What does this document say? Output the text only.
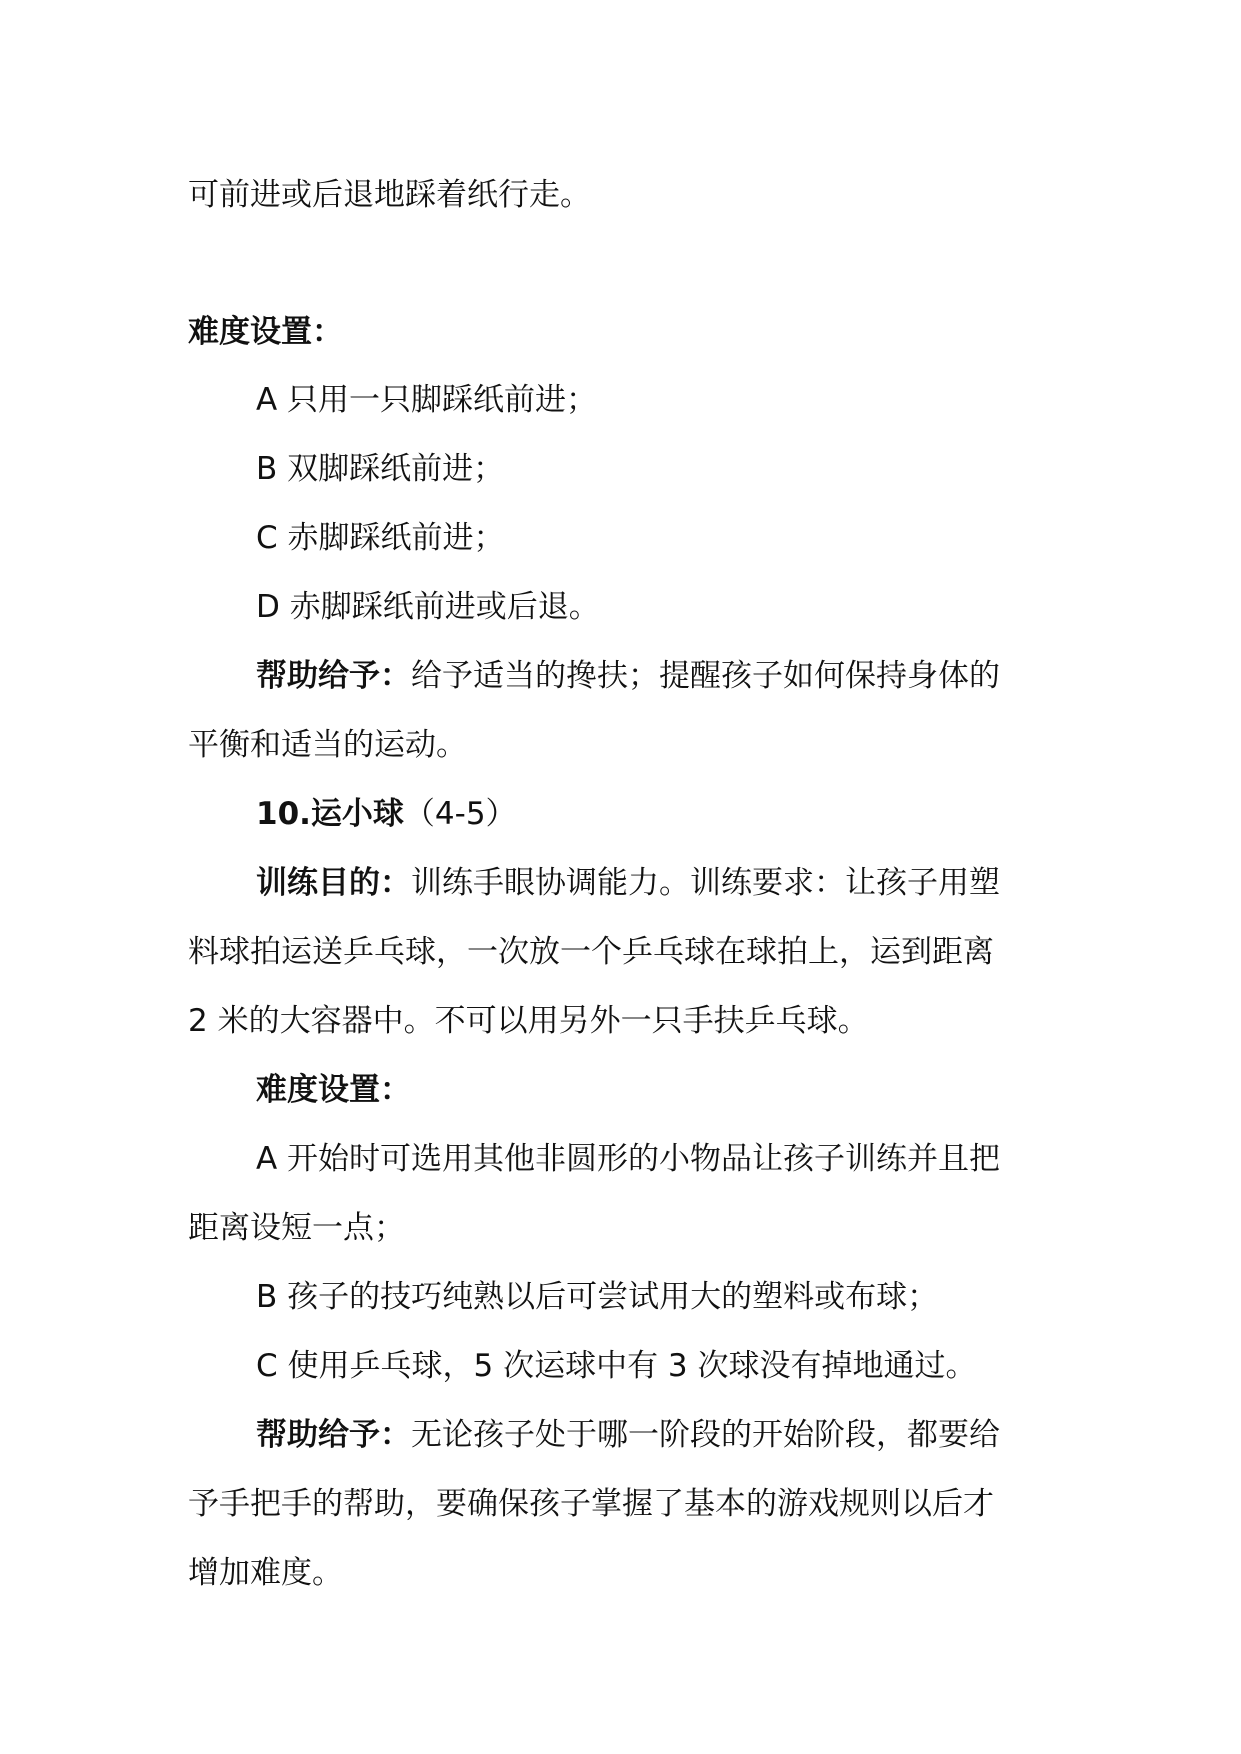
可前进或后退地踩着纸行走。
难度设置：
A 只用一只脚踩纸前进；
B 双脚踩纸前进；
C 赤脚踩纸前进；
D 赤脚踩纸前进或后退。
帮助给予：给予适当的搀扶；提醒孩子如何保持身体的
平衡和适当的运动。
10.运小球（4-5）
训练目的：训练手眼协调能力。训练要求：让孩子用塑
料球拍运送乒乓球，一次放一个乒乓球在球拍上，运到距离
2 米的大容器中。不可以用另外一只手扶乒乓球。
难度设置：
A 开始时可选用其他非圆形的小物品让孩子训练并且把
距离设短一点；
B 孩子的技巧纯熟以后可尝试用大的塑料或布球；
C 使用乒乓球，5 次运球中有 3 次球没有掉地通过。
帮助给予：无论孩子处于哪一阶段的开始阶段，都要给
予手把手的帮助，要确保孩子掌握了基本的游戏规则以后才
增加难度。
